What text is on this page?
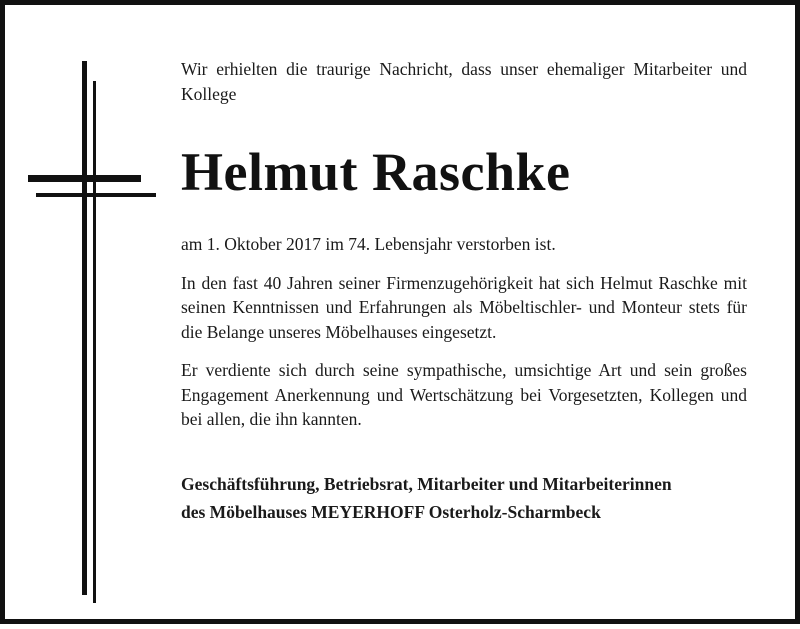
Wir erhielten die traurige Nachricht, dass unser ehemaliger Mitarbeiter und Kollege

Helmut Raschke

am 1. Oktober 2017 im 74. Lebensjahr verstorben ist.

In den fast 40 Jahren seiner Firmenzugehörigkeit hat sich Helmut Raschke mit seinen Kenntnissen und Erfahrungen als Möbeltischler- und Monteur stets für die Belange unseres Möbelhauses eingesetzt.

Er verdiente sich durch seine sympathische, umsichtige Art und sein großes Engagement Anerkennung und Wertschätzung bei Vorgesetzten, Kollegen und bei allen, die ihn kannten.

Geschäftsführung, Betriebsrat, Mitarbeiter und Mitarbeiterinnen
des Möbelhauses MEYERHOFF Osterholz-Scharmbeck
